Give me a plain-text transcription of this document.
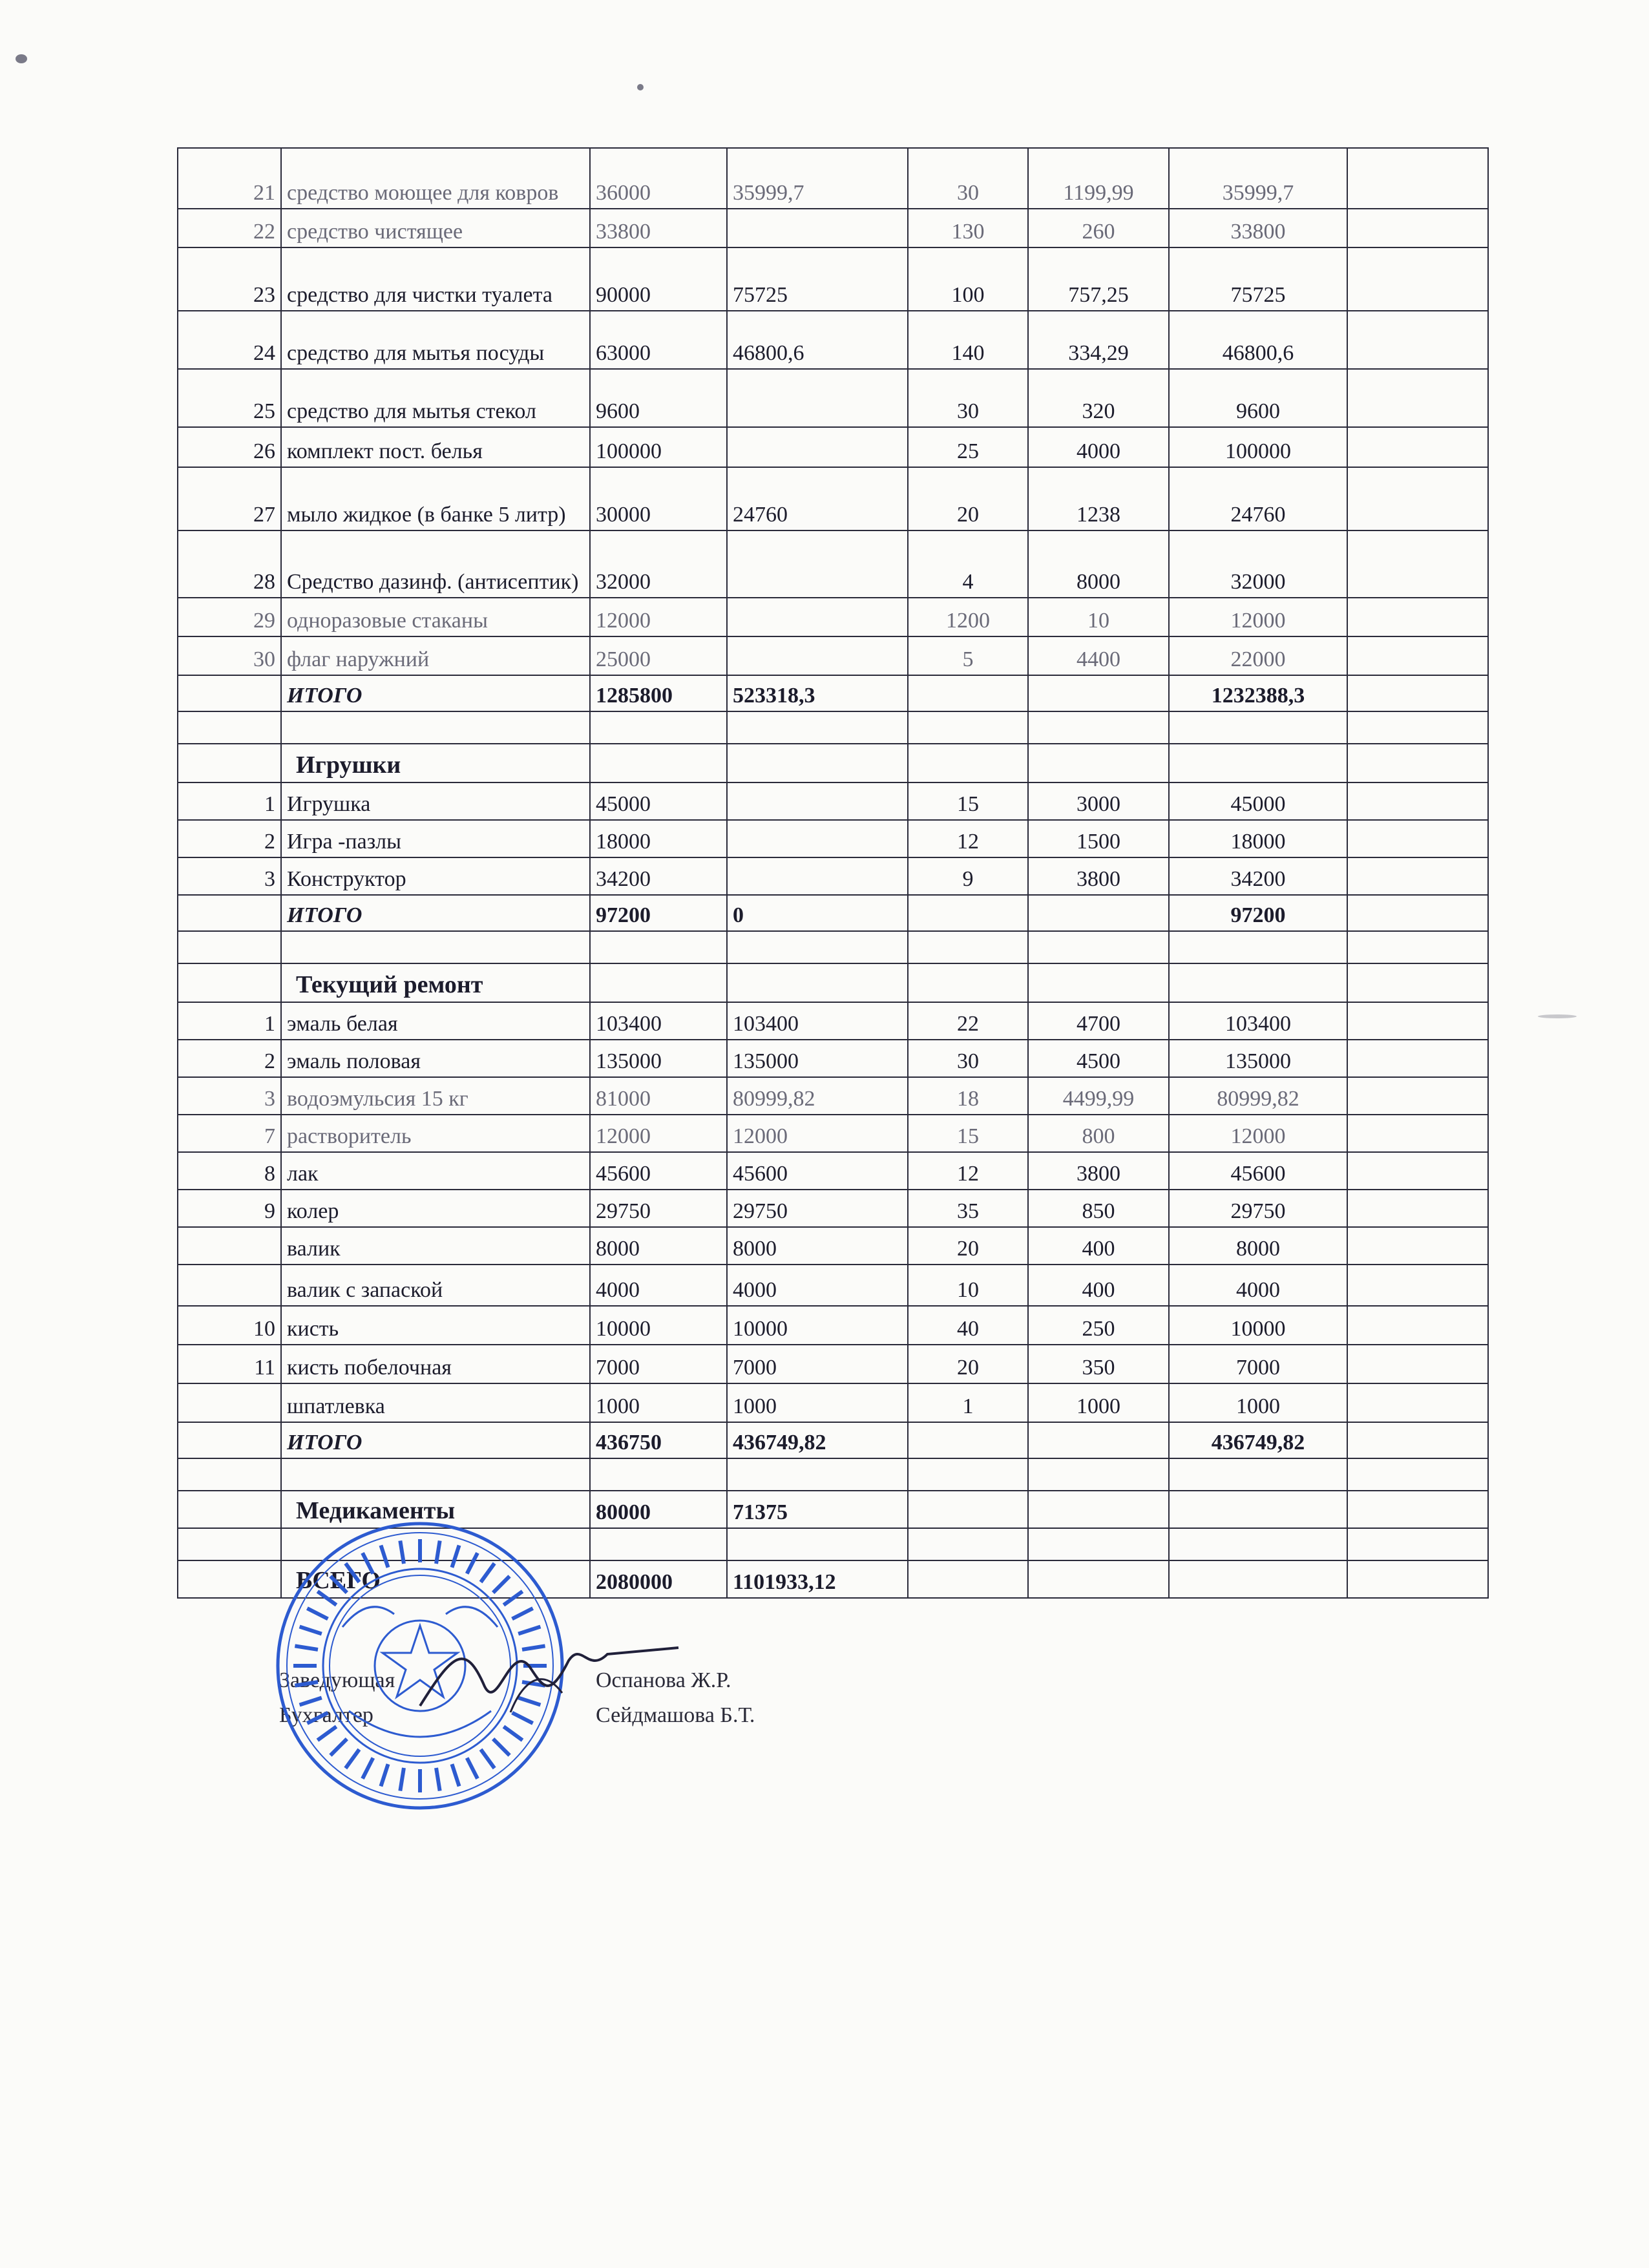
21	средство моющее для ковров	36000	35999,7	30	1199,99	35999,7	
22	средство чистящее	33800		130	260	33800	
23	средство для чистки туалета	90000	75725	100	757,25	75725	
24	средство для мытья посуды	63000	46800,6	140	334,29	46800,6	
25	средство для мытья стекол	9600		30	320	9600	
26	комплект пост. белья	100000		25	4000	100000	
27	мыло жидкое (в банке 5 литр)	30000	24760	20	1238	24760	
28	Средство дазинф. (антисептик)	32000		4	8000	32000	
29	одноразовые стаканы	12000		1200	10	12000	
30	флаг наружний	25000		5	4400	22000	
	ИТОГО	1285800	523318,3			1232388,3	

	Игрушки						
1	Игрушка	45000		15	3000	45000	
2	Игра -пазлы	18000		12	1500	18000	
3	Конструктор	34200		9	3800	34200	
	ИТОГО	97200	0			97200	

	Текущий ремонт						
1	эмаль белая	103400	103400	22	4700	103400	
2	эмаль половая	135000	135000	30	4500	135000	
3	водоэмульсия 15 кг	81000	80999,82	18	4499,99	80999,82	
7	растворитель	12000	12000	15	800	12000	
8	лак	45600	45600	12	3800	45600	
9	колер	29750	29750	35	850	29750	
	валик	8000	8000	20	400	8000	
	валик с запаской	4000	4000	10	400	4000	
10	кисть	10000	10000	40	250	10000	
11	кисть побелочная	7000	7000	20	350	7000	
	шпатлевка	1000	1000	1	1000	1000	
	ИТОГО	436750	436749,82			436749,82	

	Медикаменты	80000	71375				

	ВСЕГО	2080000	1101933,12				
Заведующая	Оспанова Ж.Р.
Бухгалтер	Сейдмашова Б.Т.
